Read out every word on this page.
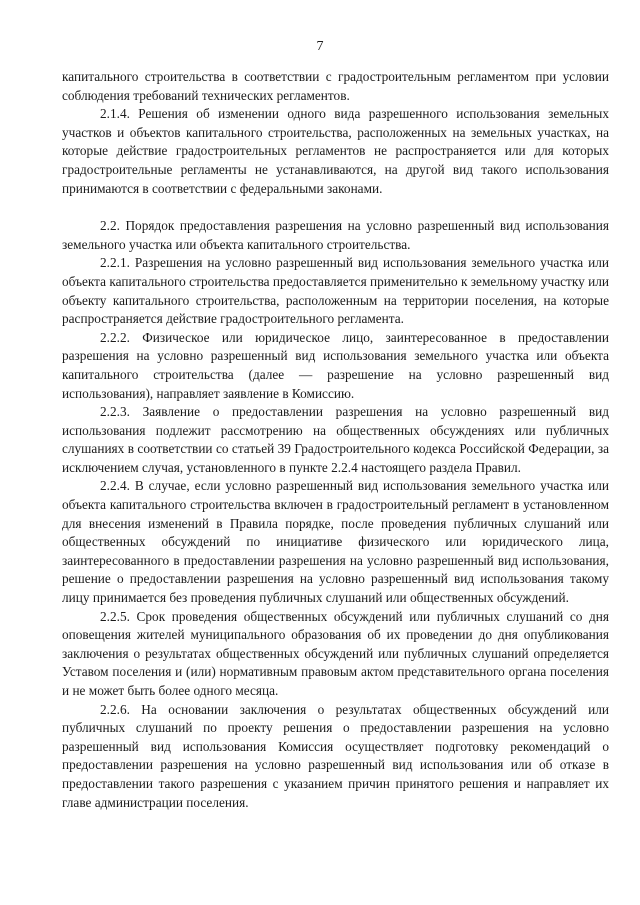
7

капитального строительства в соответствии с градостроительным регламентом при условии соблюдения требований технических регламентов.

2.1.4. Решения об изменении одного вида разрешенного использования земельных участков и объектов капитального строительства, расположенных на земельных участках, на которые действие градостроительных регламентов не распространяется или для которых градостроительные регламенты не устанавливаются, на другой вид такого использования принимаются в соответствии с федеральными законами.

2.2. Порядок предоставления разрешения на условно разрешенный вид использования земельного участка или объекта капитального строительства.

2.2.1. Разрешения на условно разрешенный вид использования земельного участка или объекта капитального строительства предоставляется применительно к земельному участку или объекту капитального строительства, расположенным на территории поселения, на которые распространяется действие градостроительного регламента.

2.2.2. Физическое или юридическое лицо, заинтересованное в предоставлении разрешения на условно разрешенный вид использования земельного участка или объекта капитального строительства (далее — разрешение на условно разрешенный вид использования), направляет заявление в Комиссию.

2.2.3. Заявление о предоставлении разрешения на условно разрешенный вид использования подлежит рассмотрению на общественных обсуждениях или публичных слушаниях в соответствии со статьей 39 Градостроительного кодекса Российской Федерации, за исключением случая, установленного в пункте 2.2.4 настоящего раздела Правил.

2.2.4. В случае, если условно разрешенный вид использования земельного участка или объекта капитального строительства включен в градостроительный регламент в установленном для внесения изменений в Правила порядке, после проведения публичных слушаний или общественных обсуждений по инициативе физического или юридического лица, заинтересованного в предоставлении разрешения на условно разрешенный вид использования, решение о предоставлении разрешения на условно разрешенный вид использования такому лицу принимается без проведения публичных слушаний или общественных обсуждений.

2.2.5. Срок проведения общественных обсуждений или публичных слушаний со дня оповещения жителей муниципального образования об их проведении до дня опубликования заключения о результатах общественных обсуждений или публичных слушаний определяется Уставом поселения и (или) нормативным правовым актом представительного органа поселения и не может быть более одного месяца.

2.2.6. На основании заключения о результатах общественных обсуждений или публичных слушаний по проекту решения о предоставлении разрешения на условно разрешенный вид использования Комиссия осуществляет подготовку рекомендаций о предоставлении разрешения на условно разрешенный вид использования или об отказе в предоставлении такого разрешения с указанием причин принятого решения и направляет их главе администрации поселения.
